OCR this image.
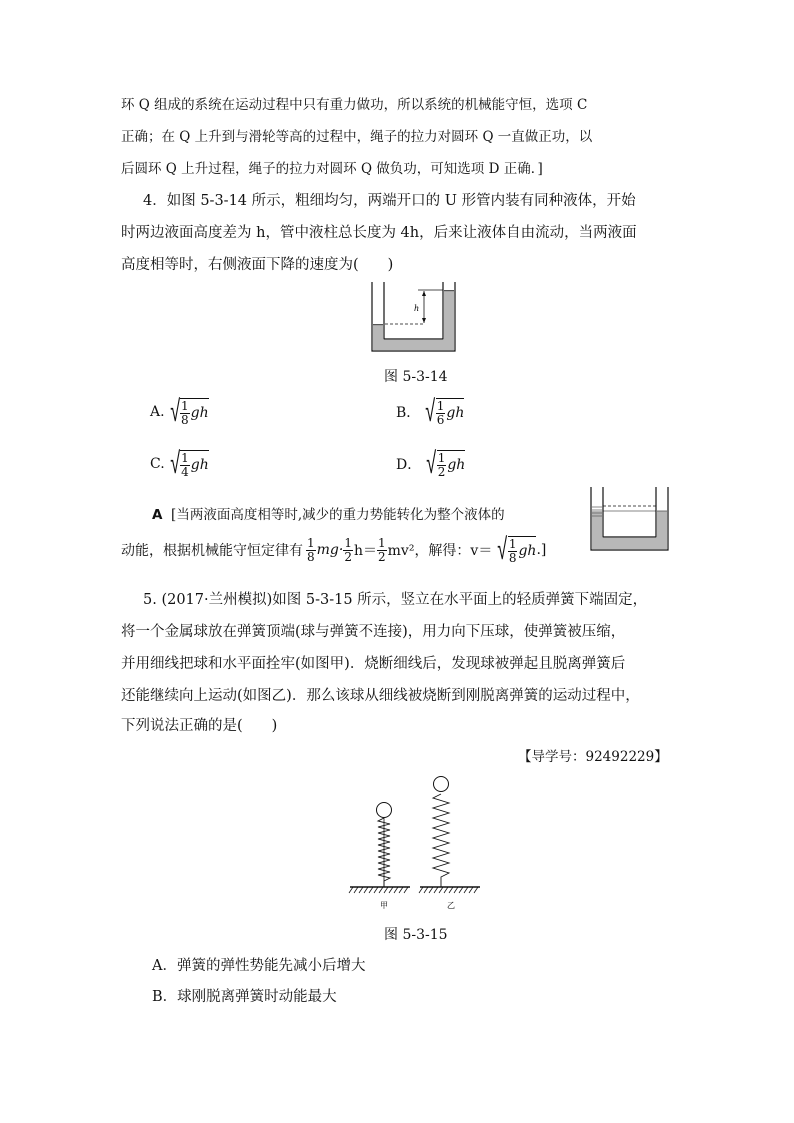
环 Q 组成的系统在运动过程中只有重力做功，所以系统的机械能守恒，选项 C
正确；在 Q 上升到与滑轮等高的过程中，绳子的拉力对圆环 Q 一直做正功，以
后圆环 Q 上升过程，绳子的拉力对圆环 Q 做负功，可知选项 D 正确．]
4．如图 5-3-14 所示，粗细均匀，两端开口的 U 形管内装有同种液体，开始
时两边液面高度差为 h，管中液柱总长度为 4h，后来让液体自由流动，当两液面
高度相等时，右侧液面下降的速度为(　　)
h
图 5-3-14
A. √ $\frac{1}{8}$ gh	B． √ $\frac{1}{6}$ gh
C. √ $\frac{1}{4}$ gh	D． √ $\frac{1}{2}$ gh
A [当两液面高度相等时,减少的重力势能转化为整个液体的
动能，根据机械能守恒定律有 $\frac{1}{8} mg\cdot \frac{1}{2} h= \frac{1}{2} mv^2$，解得：v＝ √ $\frac{1}{8}$ gh .]
5. (2017·兰州模拟)如图 5-3-15 所示，竖立在水平面上的轻质弹簧下端固定，
将一个金属球放在弹簧顶端(球与弹簧不连接)，用力向下压球，使弹簧被压缩，
并用细线把球和水平面拴牢(如图甲)．烧断细线后，发现球被弹起且脱离弹簧后
还能继续向上运动(如图乙)．那么该球从细线被烧断到刚脱离弹簧的运动过程中，
下列说法正确的是(　　)
【导学号：92492229】
甲	乙
图 5-3-15
A．弹簧的弹性势能先减小后增大
B．球刚脱离弹簧时动能最大
